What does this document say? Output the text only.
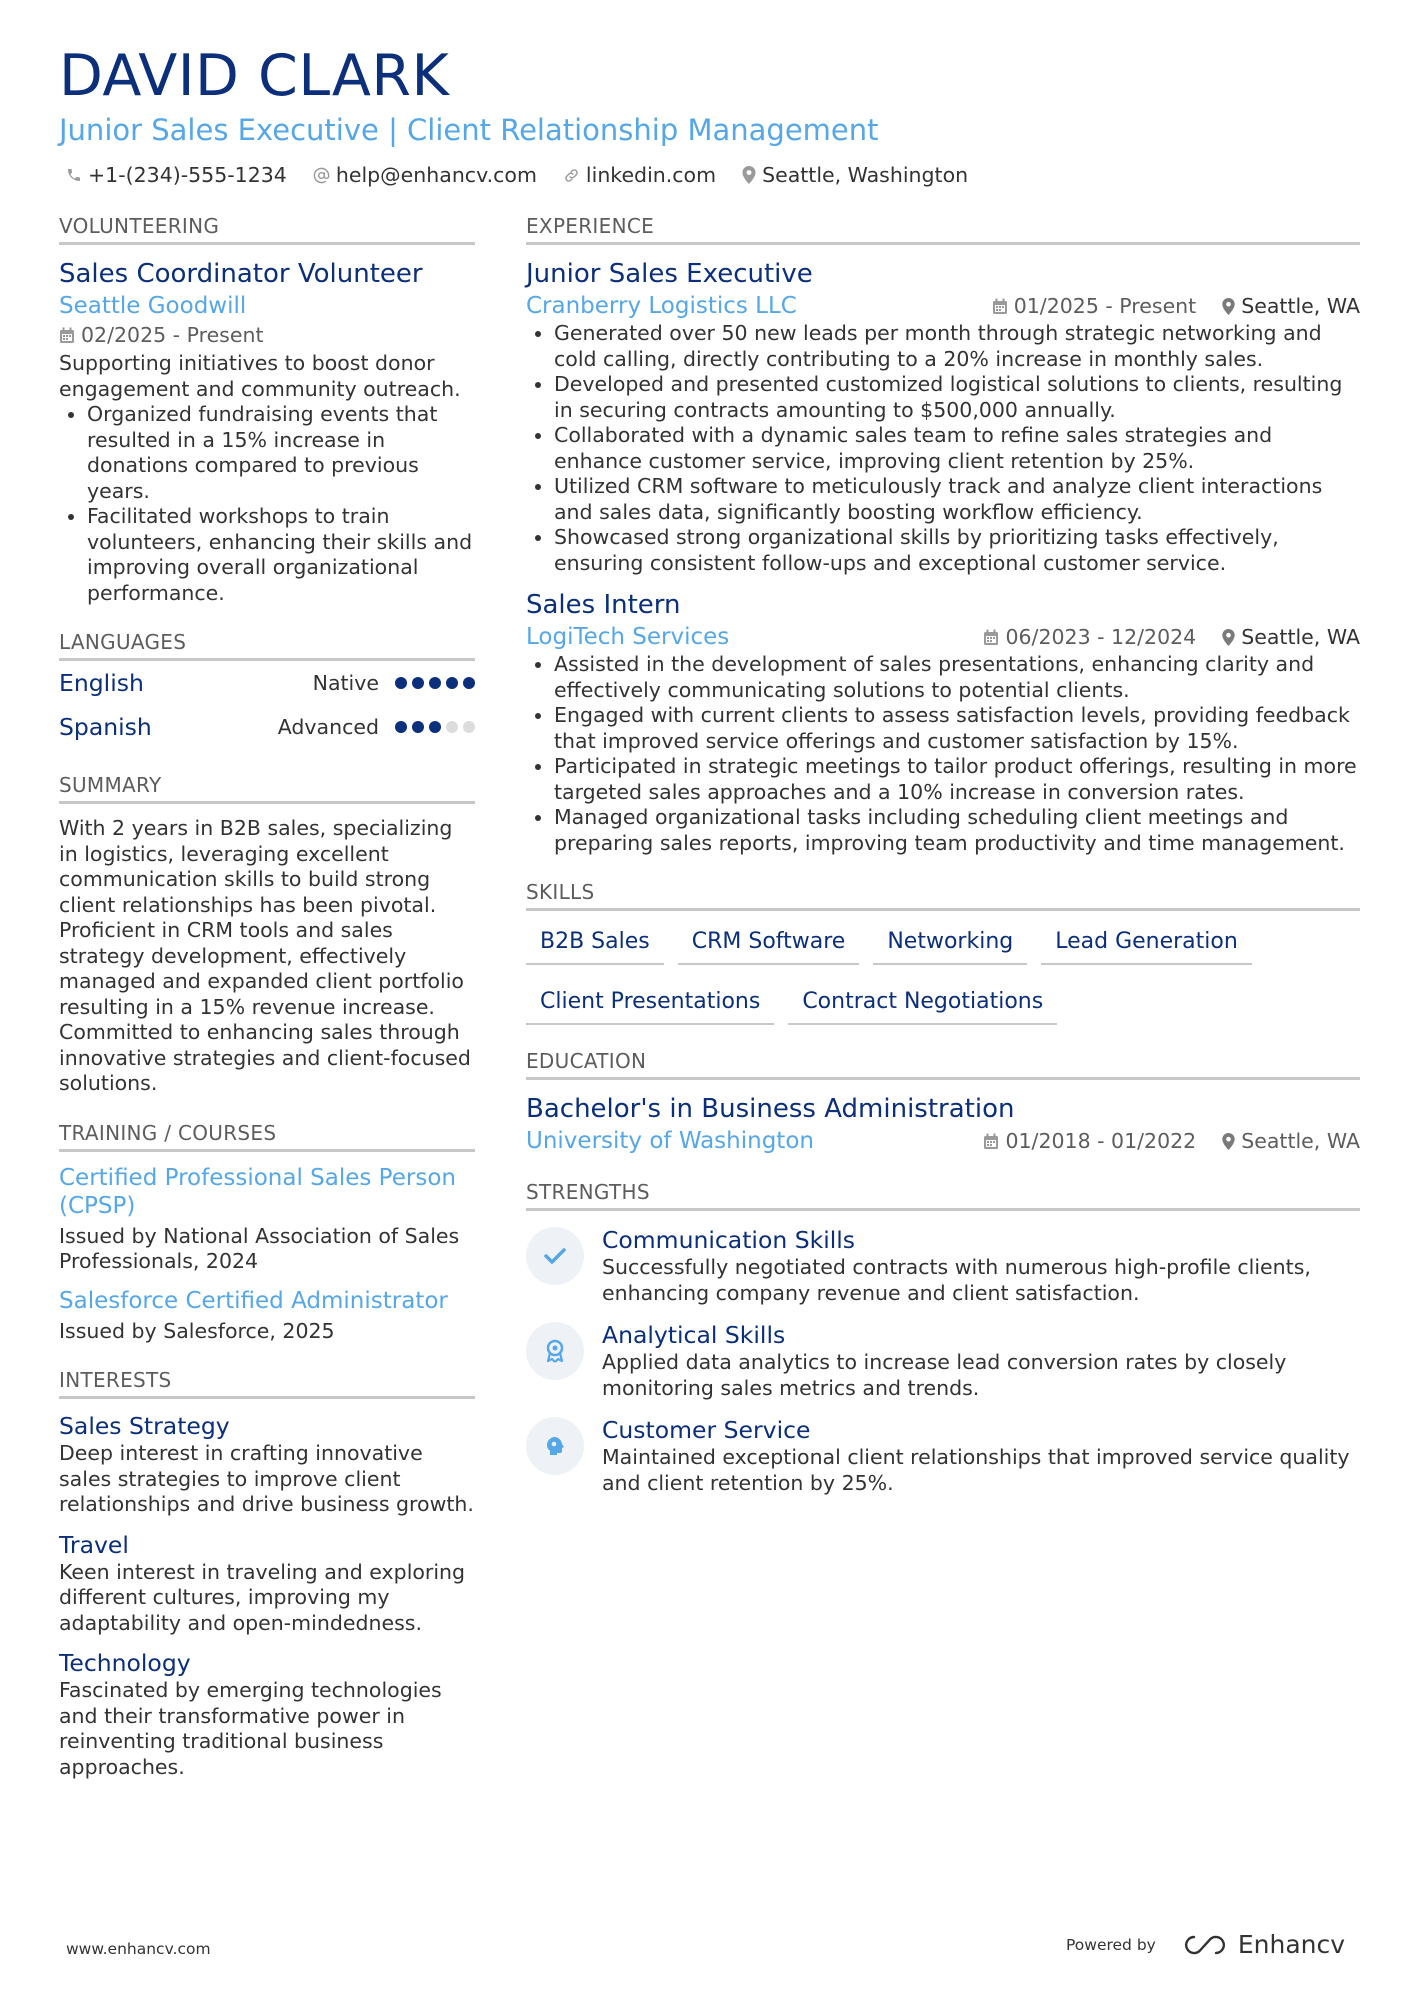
DAVID CLARK
Junior Sales Executive | Client Relationship Management
+1-(234)-555-1234 help@enhancv.com linkedin.com Seattle, Washington
VOLUNTEERING
Sales Coordinator Volunteer
Seattle Goodwill
02/2025 - Present
Supporting initiatives to boost donor engagement and community outreach.
• Organized fundraising events that resulted in a 15% increase in donations compared to previous years.
• Facilitated workshops to train volunteers, enhancing their skills and improving overall organizational performance.
LANGUAGES
English	Native
Spanish	Advanced
SUMMARY
With 2 years in B2B sales, specializing in logistics, leveraging excellent communication skills to build strong client relationships has been pivotal. Proficient in CRM tools and sales strategy development, effectively managed and expanded client portfolio resulting in a 15% revenue increase. Committed to enhancing sales through innovative strategies and client-focused solutions.
TRAINING / COURSES
Certified Professional Sales Person (CPSP)
Issued by National Association of Sales Professionals, 2024
Salesforce Certified Administrator
Issued by Salesforce, 2025
INTERESTS
Sales Strategy
Deep interest in crafting innovative sales strategies to improve client relationships and drive business growth.
Travel
Keen interest in traveling and exploring different cultures, improving my adaptability and open-mindedness.
Technology
Fascinated by emerging technologies and their transformative power in reinventing traditional business approaches.
EXPERIENCE
Junior Sales Executive
Cranberry Logistics LLC	01/2025 - Present Seattle, WA
• Generated over 50 new leads per month through strategic networking and cold calling, directly contributing to a 20% increase in monthly sales.
• Developed and presented customized logistical solutions to clients, resulting in securing contracts amounting to $500,000 annually.
• Collaborated with a dynamic sales team to refine sales strategies and enhance customer service, improving client retention by 25%.
• Utilized CRM software to meticulously track and analyze client interactions and sales data, significantly boosting workflow efficiency.
• Showcased strong organizational skills by prioritizing tasks effectively, ensuring consistent follow-ups and exceptional customer service.
Sales Intern
LogiTech Services	06/2023 - 12/2024 Seattle, WA
• Assisted in the development of sales presentations, enhancing clarity and effectively communicating solutions to potential clients.
• Engaged with current clients to assess satisfaction levels, providing feedback that improved service offerings and customer satisfaction by 15%.
• Participated in strategic meetings to tailor product offerings, resulting in more targeted sales approaches and a 10% increase in conversion rates.
• Managed organizational tasks including scheduling client meetings and preparing sales reports, improving team productivity and time management.
SKILLS
B2B Sales	CRM Software	Networking	Lead Generation
Client Presentations	Contract Negotiations
EDUCATION
Bachelor's in Business Administration
University of Washington	01/2018 - 01/2022 Seattle, WA
STRENGTHS
Communication Skills
Successfully negotiated contracts with numerous high-profile clients, enhancing company revenue and client satisfaction.
Analytical Skills
Applied data analytics to increase lead conversion rates by closely monitoring sales metrics and trends.
Customer Service
Maintained exceptional client relationships that improved service quality and client retention by 25%.
www.enhancv.com	Powered by	Enhancv
